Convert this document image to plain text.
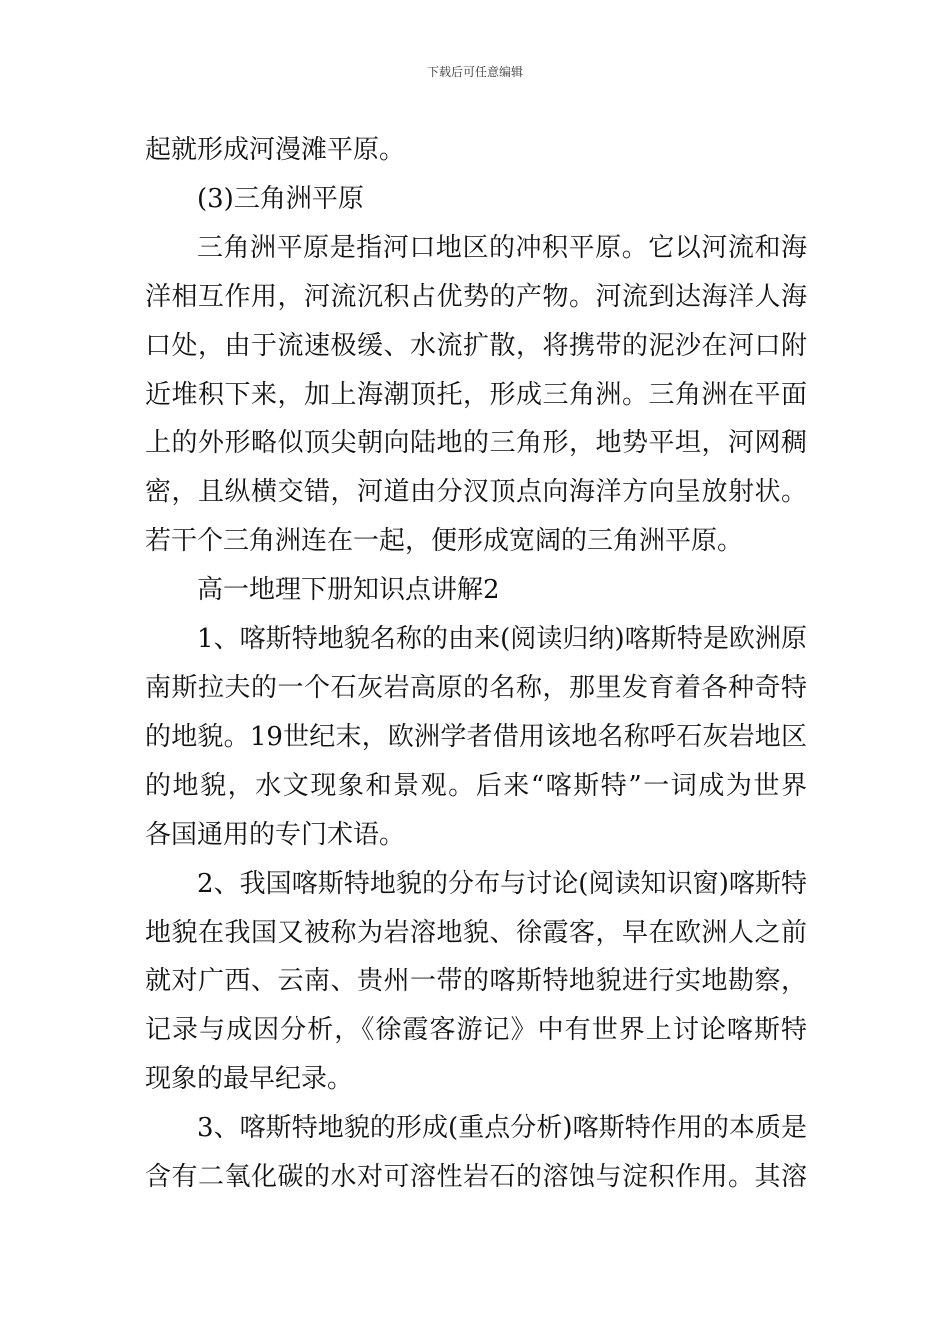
下载后可任意编辑
起就形成河漫滩平原。
(3)三角洲平原
三角洲平原是指河口地区的冲积平原。它以河流和海
洋相互作用，河流沉积占优势的产物。河流到达海洋人海
口处，由于流速极缓、水流扩散，将携带的泥沙在河口附
近堆积下来，加上海潮顶托，形成三角洲。三角洲在平面
上的外形略似顶尖朝向陆地的三角形，地势平坦，河网稠
密，且纵横交错，河道由分汊顶点向海洋方向呈放射状。
若干个三角洲连在一起，便形成宽阔的三角洲平原。
高一地理下册知识点讲解2
1、喀斯特地貌名称的由来(阅读归纳)喀斯特是欧洲原
南斯拉夫的一个石灰岩高原的名称，那里发育着各种奇特
的地貌。19世纪末，欧洲学者借用该地名称呼石灰岩地区
的地貌，水文现象和景观。后来“喀斯特”一词成为世界
各国通用的专门术语。
2、我国喀斯特地貌的分布与讨论(阅读知识窗)喀斯特
地貌在我国又被称为岩溶地貌、徐霞客，早在欧洲人之前
就对广西、云南、贵州一带的喀斯特地貌进行实地勘察，
记录与成因分析，《徐霞客游记》中有世界上讨论喀斯特
现象的最早纪录。
3、喀斯特地貌的形成(重点分析)喀斯特作用的本质是
含有二氧化碳的水对可溶性岩石的溶蚀与淀积作用。其溶
